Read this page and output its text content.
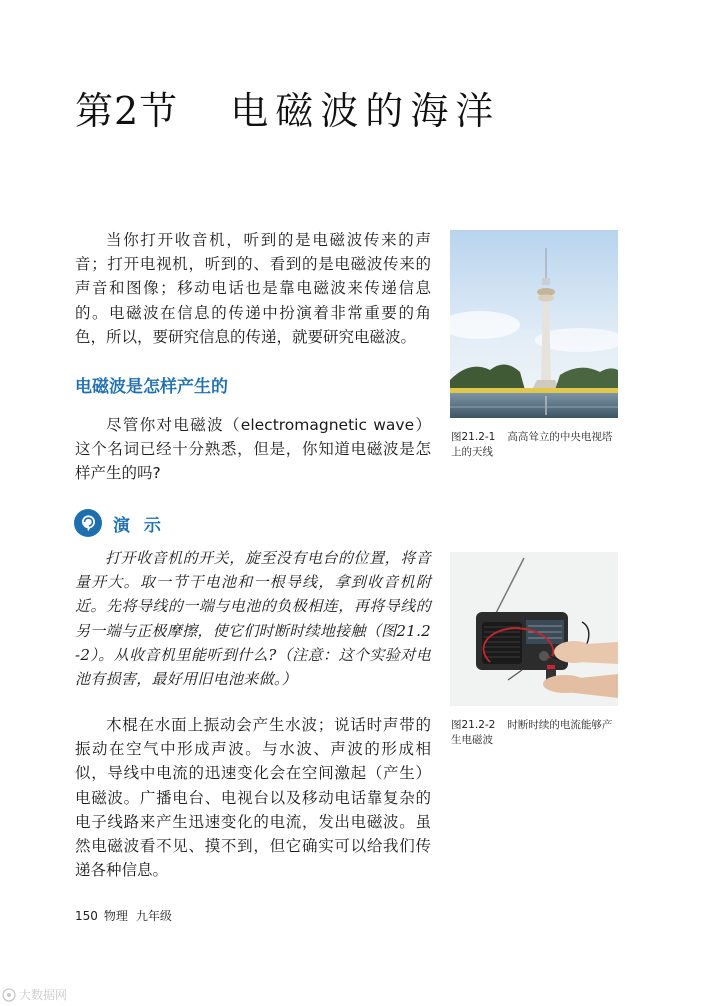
第2节 电磁波的海洋

当你打开收音机，听到的是电磁波传来的声音；打开电视机，听到的、看到的是电磁波传来的声音和图像；移动电话也是靠电磁波来传递信息的。电磁波在信息的传递中扮演着非常重要的角色，所以，要研究信息的传递，就要研究电磁波。

电磁波是怎样产生的

尽管你对电磁波（electromagnetic wave）这个名词已经十分熟悉，但是，你知道电磁波是怎样产生的吗?

演 示

打开收音机的开关，旋至没有电台的位置，将音量开大。取一节干电池和一根导线，拿到收音机附近。先将导线的一端与电池的负极相连，再将导线的另一端与正极摩擦，使它们时断时续地接触（图21.2-2）。从收音机里能听到什么?（注意：这个实验对电池有损害，最好用旧电池来做。）

木棍在水面上振动会产生水波；说话时声带的振动在空气中形成声波。与水波、声波的形成相似，导线中电流的迅速变化会在空间激起（产生）电磁波。广播电台、电视台以及移动电话靠复杂的电子线路来产生迅速变化的电流，发出电磁波。虽然电磁波看不见、摸不到，但它确实可以给我们传递各种信息。

图21.2-1 高高耸立的中央电视塔上的天线
图21.2-2 时断时续的电流能够产生电磁波
150 物理 九年级
大数据网
